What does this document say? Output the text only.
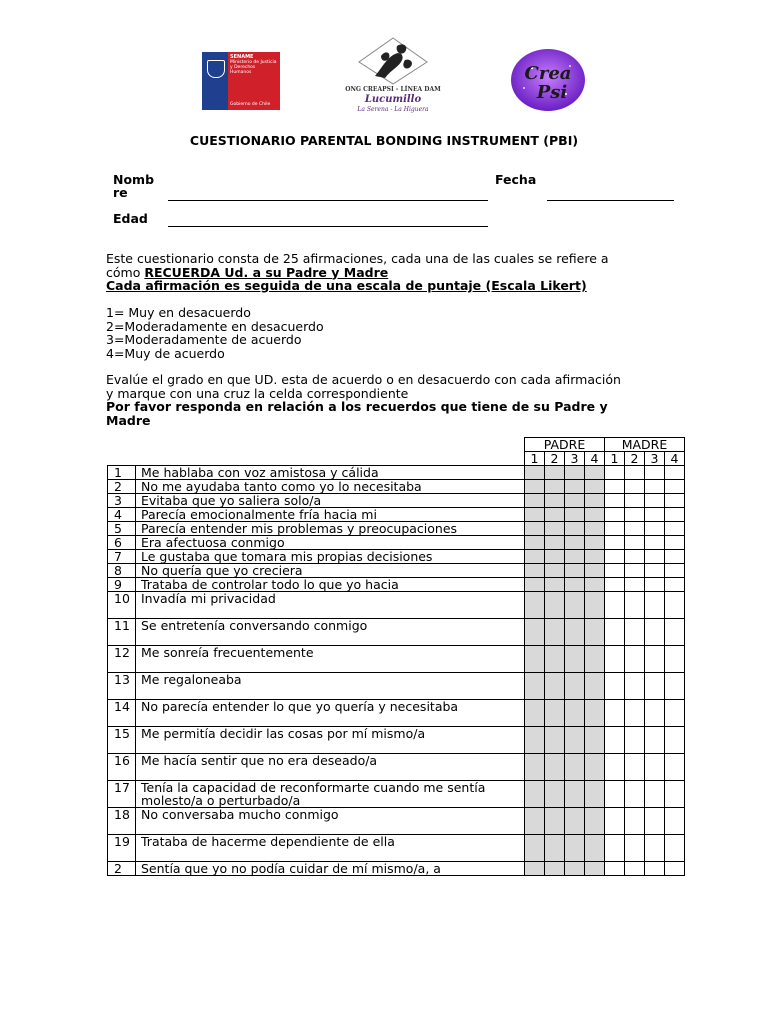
SENAME
Ministerio de Justicia y Derechos Humanos
Gobierno de Chile
ONG CREAPSI - LÍNEA DAM
Lucumillo
La Serena - La Higuera
Crea
Psi
CUESTIONARIO PARENTAL BONDING INSTRUMENT (PBI)
Nomb
re
Fecha
Edad
Este cuestionario consta de 25 afirmaciones, cada una de las cuales se refiere a
cómo RECUERDA Ud. a su Padre y Madre
Cada afirmación es seguida de una escala de puntaje (Escala Likert)
1= Muy en desacuerdo
2=Moderadamente en desacuerdo
3=Moderadamente de acuerdo
4=Muy de acuerdo
Evalúe el grado en que UD. esta de acuerdo o en desacuerdo con cada afirmación
y marque con una cruz la celda correspondiente
Por favor responda en relación a los recuerdos que tiene de su Padre y
Madre
PADRE				MADRE			
1	2	3	4	1	2	3	4
1	Me hablaba con voz amistosa y cálida								
2	No me ayudaba tanto como yo lo necesitaba								
3	Evitaba que yo saliera solo/a								
4	Parecía emocionalmente fría hacia mi								
5	Parecía entender mis problemas y preocupaciones								
6	Era afectuosa conmigo								
7	Le gustaba que tomara mis propias decisiones								
8	No quería que yo creciera								
9	Trataba de controlar todo lo que yo hacia								
10	Invadía mi privacidad								
11	Se entretenía conversando conmigo								
12	Me sonreía frecuentemente								
13	Me regaloneaba								
14	No parecía entender lo que yo quería y necesitaba								
15	Me permitía decidir las cosas por mí mismo/a								
16	Me hacía sentir que no era deseado/a								
17	Tenía la capacidad de reconformarte cuando me sentía molesto/a o perturbado/a								
18	No conversaba mucho conmigo								
19	Trataba de hacerme dependiente de ella								
2	Sentía que yo no podía cuidar de mí mismo/a, a								
